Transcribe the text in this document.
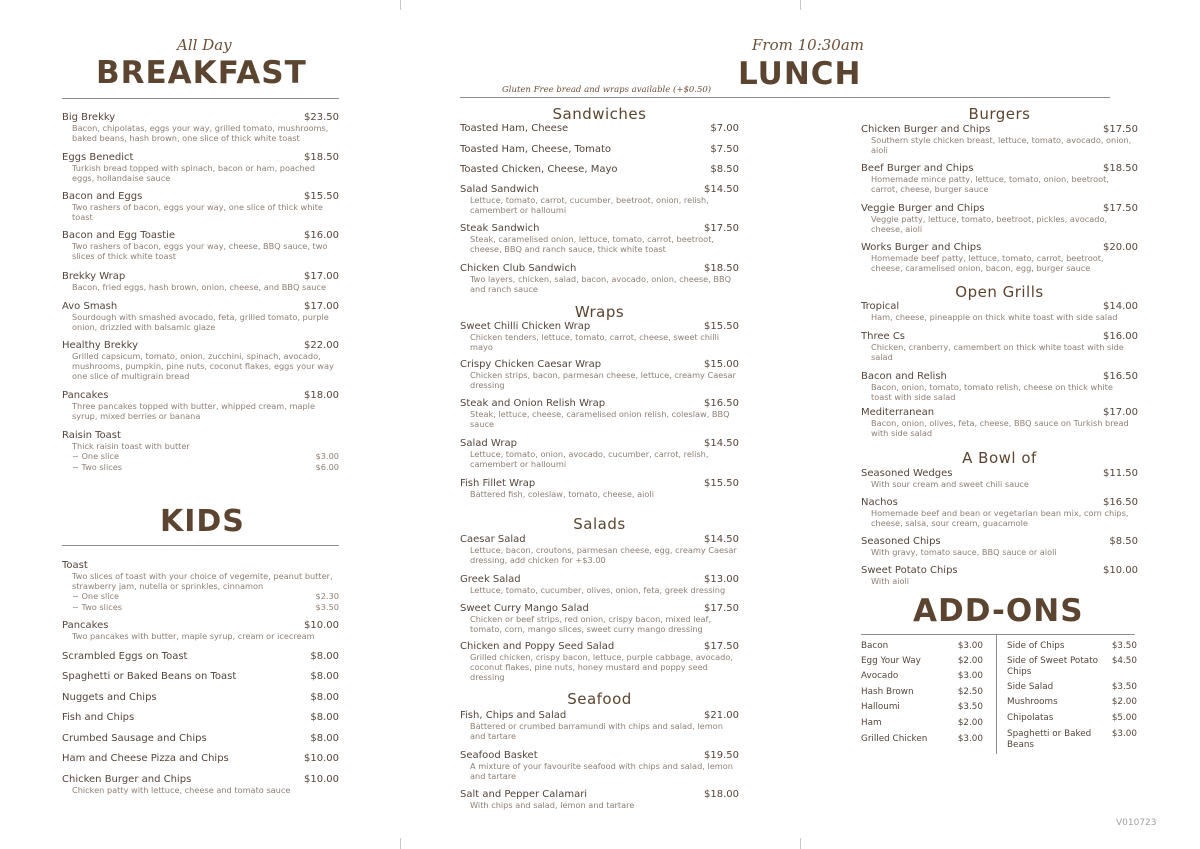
All Day
BREAKFAST
Big Brekky	$23.50
Bacon, chipolatas, eggs your way, grilled tomato, mushrooms, baked beans, hash brown, one slice of thick white toast
Eggs Benedict	$18.50
Turkish bread topped with spinach, bacon or ham, poached eggs, hollandaise sauce
Bacon and Eggs	$15.50
Two rashers of bacon, eggs your way, one slice of thick white toast
Bacon and Egg Toastie	$16.00
Two rashers of bacon, eggs your way, cheese, BBQ sauce, two slices of thick white toast
Brekky Wrap	$17.00
Bacon, fried eggs, hash brown, onion, cheese, and BBQ sauce
Avo Smash	$17.00
Sourdough with smashed avocado, feta, grilled tomato, purple onion, drizzled with balsamic glaze
Healthy Brekky	$22.00
Grilled capsicum, tomato, onion, zucchini, spinach, avocado, mushrooms, pumpkin, pine nuts, coconut flakes, eggs your way one slice of multigrain bread
Pancakes	$18.00
Three pancakes topped with butter, whipped cream, maple syrup, mixed berries or banana
Raisin Toast
Thick raisin toast with butter
~ One slice	$3.00
~ Two slices	$6.00
KIDS
Toast
Two slices of toast with your choice of vegemite, peanut butter, strawberry jam, nutella or sprinkles, cinnamon
~ One slice	$2.30
~ Two slices	$3.50
Pancakes	$10.00
Two pancakes with butter, maple syrup, cream or icecream
Scrambled Eggs on Toast	$8.00
Spaghetti or Baked Beans on Toast	$8.00
Nuggets and Chips	$8.00
Fish and Chips	$8.00
Crumbed Sausage and Chips	$8.00
Ham and Cheese Pizza and Chips	$10.00
Chicken Burger and Chips	$10.00
Chicken patty with lettuce, cheese and tomato sauce
From 10:30am
LUNCH
Gluten Free bread and wraps available (+$0.50)
Sandwiches
Toasted Ham, Cheese	$7.00
Toasted Ham, Cheese, Tomato	$7.50
Toasted Chicken, Cheese, Mayo	$8.50
Salad Sandwich	$14.50
Lettuce, tomato, carrot, cucumber, beetroot, onion, relish, camembert or halloumi
Steak Sandwich	$17.50
Steak, caramelised onion, lettuce, tomato, carrot, beetroot, cheese, BBQ and ranch sauce, thick white toast
Chicken Club Sandwich	$18.50
Two layers, chicken, salad, bacon, avocado, onion, cheese, BBQ and ranch sauce
Wraps
Sweet Chilli Chicken Wrap	$15.50
Chicken tenders, lettuce, tomato, carrot, cheese, sweet chilli mayo
Crispy Chicken Caesar Wrap	$15.00
Chicken strips, bacon, parmesan cheese, lettuce, creamy Caesar dressing
Steak and Onion Relish Wrap	$16.50
Steak, lettuce, cheese, caramelised onion relish, coleslaw, BBQ sauce
Salad Wrap	$14.50
Lettuce, tomato, onion, avocado, cucumber, carrot, relish, camembert or halloumi
Fish Fillet Wrap	$15.50
Battered fish, coleslaw, tomato, cheese, aioli
Salads
Caesar Salad	$14.50
Lettuce, bacon, croutons, parmesan cheese, egg, creamy Caesar dressing, add chicken for +$3.00
Greek Salad	$13.00
Lettuce, tomato, cucumber, olives, onion, feta, greek dressing
Sweet Curry Mango Salad	$17.50
Chicken or beef strips, red onion, crispy bacon, mixed leaf, tomato, corn, mango slices, sweet curry mango dressing
Chicken and Poppy Seed Salad	$17.50
Grilled chicken, crispy bacon, lettuce, purple cabbage, avocado, coconut flakes, pine nuts, honey mustard and poppy seed dressing
Seafood
Fish, Chips and Salad	$21.00
Battered or crumbed barramundi with chips and salad, lemon and tartare
Seafood Basket	$19.50
A mixture of your favourite seafood with chips and salad, lemon and tartare
Salt and Pepper Calamari	$18.00
With chips and salad, lemon and tartare
Burgers
Chicken Burger and Chips	$17.50
Southern style chicken breast, lettuce, tomato, avocado, onion, aioli
Beef Burger and Chips	$18.50
Homemade mince patty, lettuce, tomato, onion, beetroot, carrot, cheese, burger sauce
Veggie Burger and Chips	$17.50
Veggie patty, lettuce, tomato, beetroot, pickles, avocado, cheese, aioli
Works Burger and Chips	$20.00
Homemade beef patty, lettuce, tomato, carrot, beetroot, cheese, caramelised onion, bacon, egg, burger sauce
Open Grills
Tropical	$14.00
Ham, cheese, pineapple on thick white toast with side salad
Three Cs	$16.00
Chicken, cranberry, camembert on thick white toast with side salad
Bacon and Relish	$16.50
Bacon, onion, tomato, tomato relish, cheese on thick white toast with side salad
Mediterranean	$17.00
Bacon, onion, olives, feta, cheese, BBQ sauce on Turkish bread with side salad
A Bowl of
Seasoned Wedges	$11.50
With sour cream and sweet chili sauce
Nachos	$16.50
Homemade beef and bean or vegetarian bean mix, corn chips, cheese, salsa, sour cream, guacamole
Seasoned Chips	$8.50
With gravy, tomato sauce, BBQ sauce or aioli
Sweet Potato Chips	$10.00
With aioli
ADD-ONS
Bacon	$3.00
Egg Your Way	$2.00
Avocado	$3.00
Hash Brown	$2.50
Halloumi	$3.50
Ham	$2.00
Grilled Chicken	$3.00
Side of Chips	$3.50
Side of Sweet Potato Chips
$4.50
Side Salad	$3.50
Mushrooms	$2.00
Chipolatas	$5.00
Spaghetti or Baked Beans
$3.00
V010723
